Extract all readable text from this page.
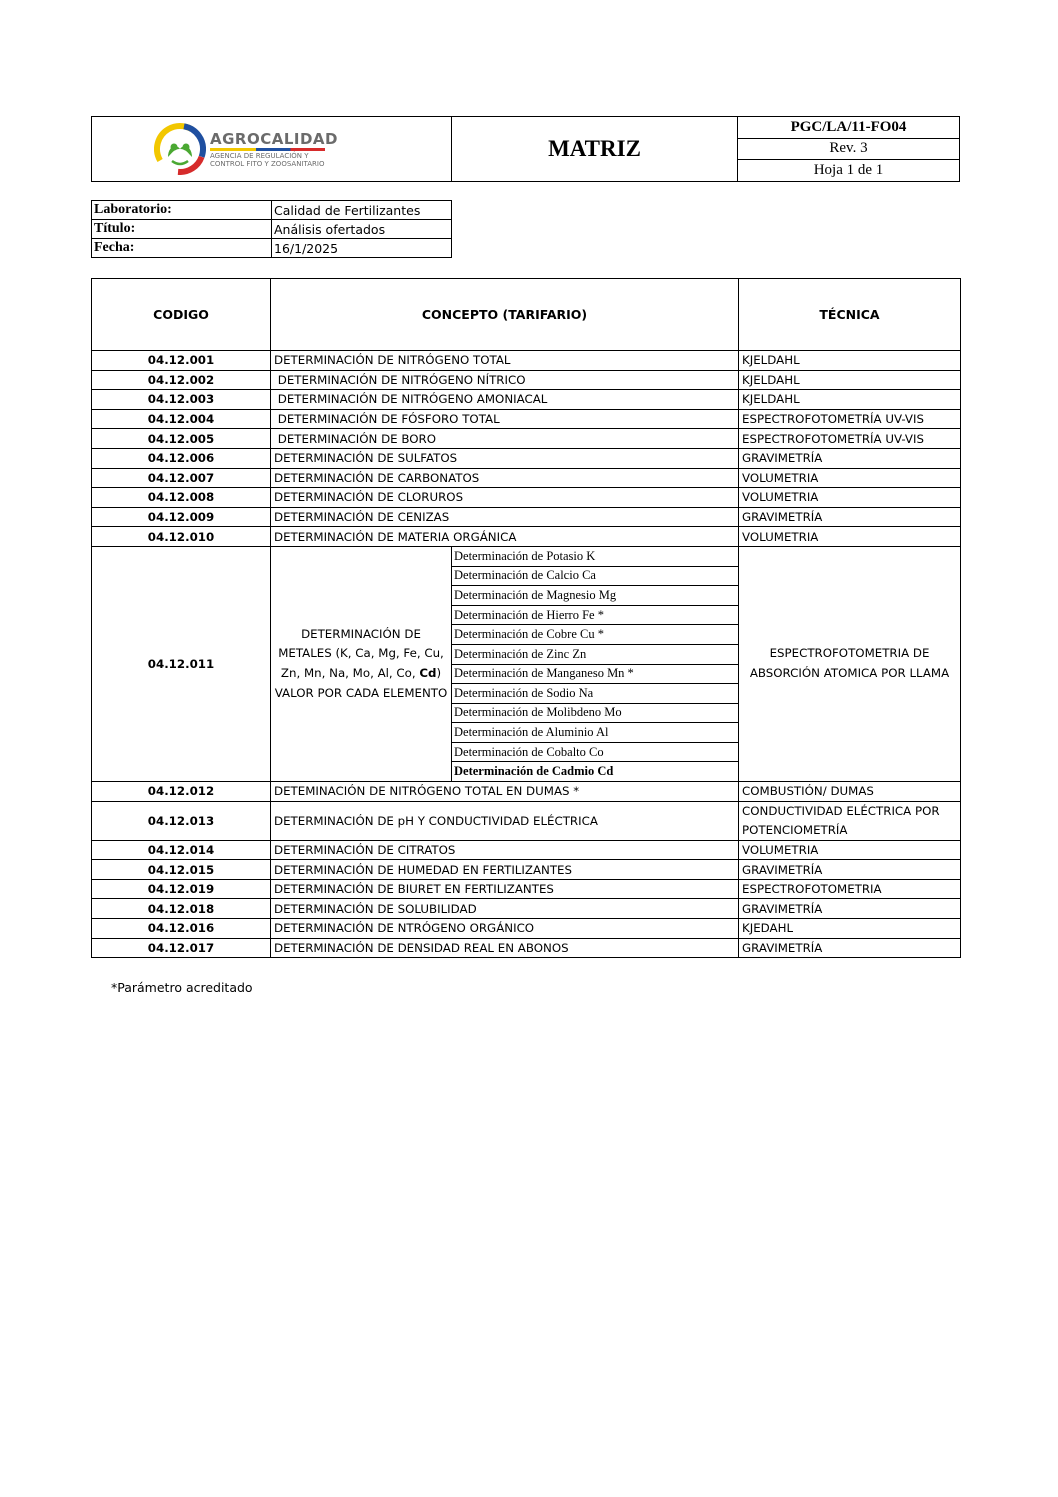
AGROCALIDAD
AGENCIA DE REGULACIÓN Y
CONTROL FITO Y ZOOSANITARIO
	MATRIZ	PGC/LA/11-FO04
Rev. 3
Hoja 1 de 1
Laboratorio:	Calidad de Fertilizantes
Título:	Análisis ofertados
Fecha:	16/1/2025
CODIGO	CONCEPTO (TARIFARIO)		TÉCNICA
04.12.001	DETERMINACIÓN DE NITRÓGENO TOTAL		KJELDAHL
04.12.002	DETERMINACIÓN DE NITRÓGENO NÍTRICO		KJELDAHL
04.12.003	DETERMINACIÓN DE NITRÓGENO AMONIACAL		KJELDAHL
04.12.004	DETERMINACIÓN DE FÓSFORO TOTAL		ESPECTROFOTOMETRÍA UV-VIS
04.12.005	DETERMINACIÓN DE BORO		ESPECTROFOTOMETRÍA UV-VIS
04.12.006	DETERMINACIÓN DE SULFATOS		GRAVIMETRÍA
04.12.007	DETERMINACIÓN DE CARBONATOS		VOLUMETRIA
04.12.008	DETERMINACIÓN DE CLORUROS		VOLUMETRIA
04.12.009	DETERMINACIÓN DE CENIZAS		GRAVIMETRÍA
04.12.010	DETERMINACIÓN DE MATERIA ORGÁNICA		VOLUMETRIA
04.12.011	DETERMINACIÓN DE METALES (K, Ca, Mg, Fe, Cu, Zn, Mn, Na, Mo, Al, Co, Cd) VALOR POR CADA ELEMENTO	Determinación de Potasio K	ESPECTROFOTOMETRIA DE ABSORCIÓN ATOMICA POR LLAMA
		Determinación de Calcio Ca	
		Determinación de Magnesio Mg	
		Determinación de Hierro Fe *	
		Determinación de Cobre Cu *	
		Determinación de Zinc Zn	
		Determinación de Manganeso Mn *	
		Determinación de Sodio Na	
		Determinación de Molibdeno Mo	
		Determinación de Aluminio Al	
		Determinación de Cobalto Co	
		Determinación de Cadmio Cd	
04.12.012	DETEMINACIÓN DE NITRÓGENO TOTAL EN DUMAS *		COMBUSTIÓN/ DUMAS
04.12.013	DETERMINACIÓN DE pH Y CONDUCTIVIDAD ELÉCTRICA		CONDUCTIVIDAD ELÉCTRICA POR POTENCIOMETRÍA
04.12.014	DETERMINACIÓN DE CITRATOS		VOLUMETRIA
04.12.015	DETERMINACIÓN DE HUMEDAD EN FERTILIZANTES		GRAVIMETRÍA
04.12.019	DETERMINACIÓN DE BIURET EN FERTILIZANTES		ESPECTROFOTOMETRIA
04.12.018	DETERMINACIÓN DE SOLUBILIDAD		GRAVIMETRÍA
04.12.016	DETERMINACIÓN DE NTRÓGENO ORGÁNICO		KJEDAHL
04.12.017	DETERMINACIÓN DE DENSIDAD REAL EN ABONOS		GRAVIMETRÍA
*Parámetro acreditado
